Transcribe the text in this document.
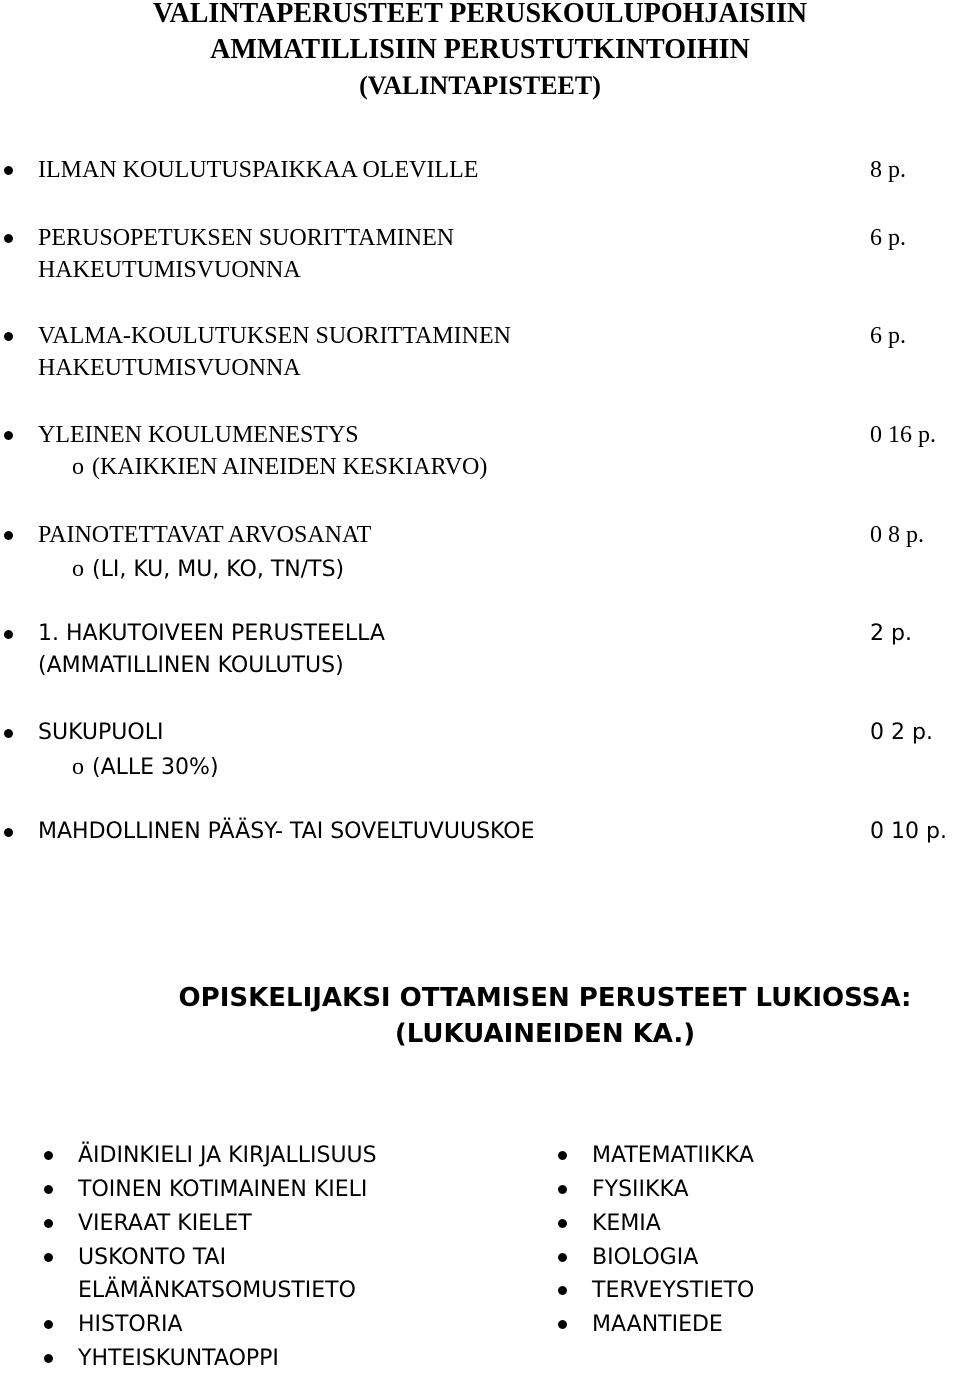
VALINTAPERUSTEET PERUSKOULUPOHJAISIIN
AMMATILLISIIN PERUSTUTKINTOIHIN
(VALINTAPISTEET)
ILMAN KOULUTUSPAIKKAA OLEVILLE	8 p.
PERUSOPETUKSEN SUORITTAMINEN	6 p.
HAKEUTUMISVUONNA
VALMA-KOULUTUKSEN SUORITTAMINEN	6 p.
HAKEUTUMISVUONNA
YLEINEN KOULUMENESTYS	0 16 p.
o (KAIKKIEN AINEIDEN KESKIARVO)
PAINOTETTAVAT ARVOSANAT	0 8 p.
o (LI, KU, MU, KO, TN/TS)
1. HAKUTOIVEEN PERUSTEELLA	2 p.
(AMMATILLINEN KOULUTUS)
SUKUPUOLI	0 2 p.
o (ALLE 30%)
MAHDOLLINEN PÄÄSY- TAI SOVELTUVUUSKOE	0 10 p.
OPISKELIJAKSI OTTAMISEN PERUSTEET LUKIOSSA:
(LUKUAINEIDEN KA.)
ÄIDINKIELI JA KIRJALLISUUS
TOINEN KOTIMAINEN KIELI
VIERAAT KIELET
USKONTO TAI
ELÄMÄNKATSOMUSTIETO
HISTORIA
YHTEISKUNTAOPPI
MATEMATIIKKA
FYSIIKKA
KEMIA
BIOLOGIA
TERVEYSTIETO
MAANTIEDE
